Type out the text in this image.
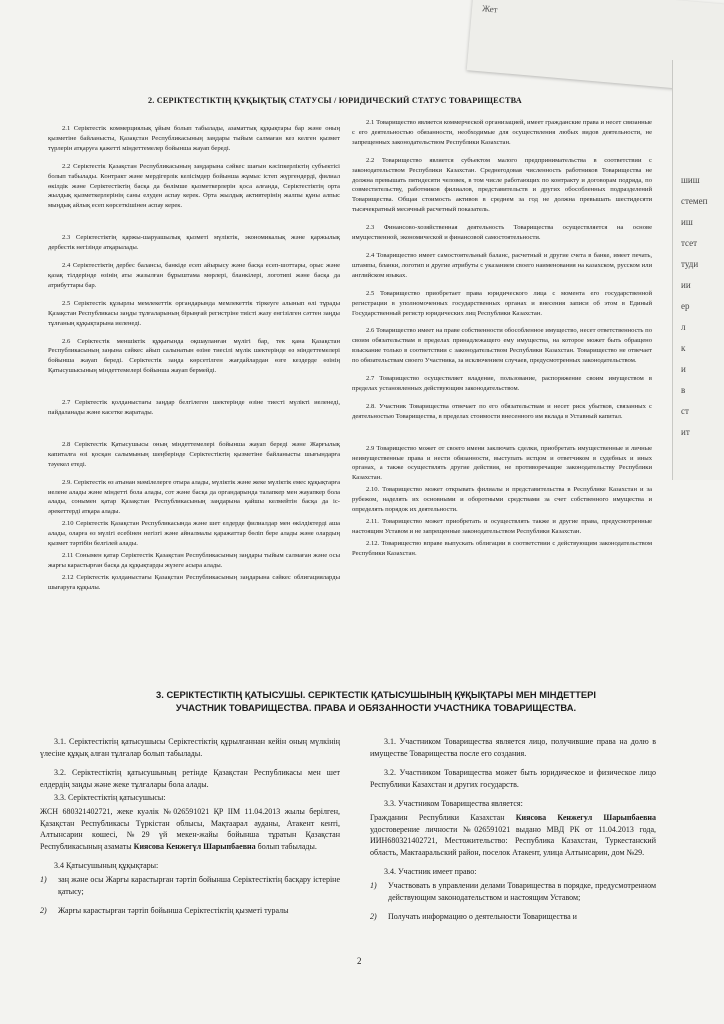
Жет
шиш
стемеп
иш
тсет
туди
ии
ер
л
к
и
в
ст
ит
2. СЕРІКТЕСТІКТІҢ ҚҰҚЫҚТЫҚ СТАТУСЫ / ЮРИДИЧЕСКИЙ СТАТУС ТОВАРИЩЕСТВА

2.1 Серіктестік коммерциялық ұйым болып табылады, азаматтық құқықтары бар және оның қызметіне байланысты, Қазақстан Республикасының заңдары тыйым салмаған кез келген қызмет түрлерін атқаруға қажетті міндеттемелер бойынша жауап береді.

2.2 Серіктестік Қазақстан Республикасының заңдарына сәйкес шағын кәсіпкерліктің субъектісі болып табылады. Контракт және мердігерлік келісімдер бойынша жұмыс істеп жүргендерді, филиал өкілдік және Серіктестіктің басқа да бөлімше қызметкерлерін қоса алғанда, Серіктестіктің орта жылдық қызметкерлерінің саны елуден аспау керек. Орта жылдық активтерінің жалпы құны алпыс мыңдық айлық есеп көрсеткішінен аспау керек.

2.3 Серіктестіктің қаржы-шаруашылық қызметі мүліктік, экономикалық және қаржылық дербестік негізінде атқарылады.

2.4 Серіктестіктің дербес балансы, банкіде есеп айырысу және басқа есеп-шоттары, орыс және қазақ тілдерінде өзінің аты жазылған бұрыштама мөрлері, бланкілері, логотипі және басқа да атрибуттары бар.

2.5 Серіктестік құзырлы мемлекеттік органдарында мемлекеттік тіркеуге алынып өлі тұрады Қазақстан Республикасы заңды тұлғаларының бірыңғай регистріне тиісті жазу енгізілген сәттен заңды тұлғаның құқықтарына иеленеді.

2.6 Серіктестік меншіктік құқығында оқшауланған мүлігі бар, тек қана Қазақстан Республикасының заңына сәйкес айып салынатын өзіне тиесілі мүлік шектерінде өз міндеттемелері бойынша жауап береді. Серіктестік заңда көрсетілген жағдайлардан өзге кездерде өзінің Қатысушысының міндеттемелері бойынша жауап бермейді.

2.7 Серіктестік қолданыстағы заңдар белгілеген шектерінде өзіне тиесті мүлікті иеленеді, пайдаланады және касетке жаратады.

2.8 Серіктестік Қатысушысы оның міндеттемелері бойынша жауап береді және Жарғылық капиталға өзі қосқан салымының шеңберінде Серіктестіктің қызметіне байланысты шығындарға тәуекел етеді.

2.9. Серіктестік өз атынан мәмілелерге отыра алады, мүліктік және жеке мүліктік емес құқықтарға иелене алады және міндетті бола алады, сот және басқа да органдарында талапкер мен жауапкер бола алады, сонымен қатар Қазақстан Республикасының заңдарына қайшы келмейтін басқа да іс-әрекеттерді атқара алады.

2.10 Серіктестік Қазақстан Республикасында және шет елдерде филиалдар мен өкілдіктерді аша алады, оларға өз мүлігі есебінен негізгі және айналмалы қаражаттар бөліп бере алады және олардың қызмет тәртібін белгілей алады.

2.11 Сонымен қатар Серіктестік Қазақстан Республикасының заңдары тыйым салмаған және осы жарғы карастырған басқа да құқықтарды жүзеге асыра алады.

2.12 Серіктестік қолданыстағы Қазақстан Республикасының заңдарына сәйкес облигацияларды шығаруға құқылы.

2.1 Товарищество является коммерческой организацией, имеет гражданские права и несет связанные с его деятельностью обязанности, необходимые для осуществления любых видов деятельности, не запрещенных законодательством Республики Казахстан.

2.2 Товарищество является субъектом малого предпринимательства в соответствии с законодательством Республики Казахстан. Среднегодовая численность работников Товарищества не должна превышать пятидесяти человек, в том числе работающих по контракту и договорам подряда, по совместительству, работников филиалов, представительств и других обособленных подразделений Товарищества. Общая стоимость активов в среднем за год не должна превышать шестидесяти тысячекратный месячный расчетный показатель.

2.3 Финансово-хозяйственная деятельность Товарищества осуществляется на основе имущественной, экономической и финансовой самостоятельности.

2.4 Товарищество имеет самостоятельный баланс, расчетный и другие счета в банке, имеет печать, штампы, бланки, логотип и другие атрибуты с указанием своего наименования на казахском, русском или английском языках.

2.5 Товарищество приобретает права юридического лица с момента его государственной регистрации в уполномоченных государственных органах и внесения записи об этом в Единый Государственный регистр юридических лиц Республики Казахстан.

2.6 Товарищество имеет на праве собственности обособленное имущество, несет ответственность по своим обязательствам в пределах принадлежащего ему имущества, на которое может быть обращено взыскание только в соответствии с законодательством Республики Казахстан. Товарищество не отвечает по обязательствам своего Участника, за исключением случаев, предусмотренных законодательством.

2.7 Товарищество осуществляет владение, пользование, распоряжение своим имуществом в пределах установленных действующим законодательством.

2.8. Участник Товарищества отвечает по его обязательствам и несет риск убытков, связанных с деятельностью Товарищества, в пределах стоимости внесенного им вклада в Уставный капитал.

2.9 Товарищество может от своего имени заключать сделки, приобретать имущественные и личные неимущественные права и нести обязанности, выступать истцом и ответчиком в судебных и иных органах, а также осуществлять другие действия, не противоречащие законодательству Республики Казахстан.

2.10. Товарищество может открывать филиалы и представительства в Республике Казахстан и за рубежом, наделять их основными и оборотными средствами за счет собственного имущества и определять порядок их деятельности.

2.11. Товарищество может приобретать и осуществлять также и другие права, предусмотренные настоящим Уставом и не запрещенные законодательством Республики Казахстан.

2.12. Товарищество вправе выпускать облигации в соответствии с действующим законодательством Республики Казахстан.

3. СЕРІКТЕСТІКТІҢ ҚАТЫСУШЫ. СЕРІКТЕСТІК ҚАТЫСУШЫНЫҢ ҚҰҚЫҚТАРЫ МЕН МІНДЕТТЕРІ
УЧАСТНИК ТОВАРИЩЕСТВА. ПРАВА И ОБЯЗАННОСТИ УЧАСТНИКА ТОВАРИЩЕСТВА.

3.1. Серіктестіктің қатысушысы Серіктестіктің құрылғаннан кейін оның мүлкінің үлесіне құқық алған тұлғалар болып табылады.

3.2. Серіктестіктің қатысушының ретінде Қазақстан Республикасы мен шет елдердің заңды және жеке тұлғалары бола алады.

3.3. Серіктестіктің қатысушысы:

ЖСН 680321402721, жеке куәлік №026591021 ҚР ІІМ 11.04.2013 жылы берілген, Қазақстан Республикасы Түркістан облысы, Мақтаарал ауданы, Атакент кенті, Алтынсарин көшесі, №29 үй мекен-жайы бойынша тұратын Қазақстан Республикасының азаматы Киясова Кенжегүл Шарыпбаевна болып табылады.

3.4 Қатысушының құқықтары:

1) заң және осы Жарғы карастырған тәртіп бойынша Серіктестіктің басқару істеріне қатысу;
2) Жарғы карастырған тәртіп бойынша Серіктестіктің қызметі туралы

3.1. Участником Товарищества является лицо, получившие права на долю в имуществе Товарищества после его создания.

3.2. Участником Товарищества может быть юридическое и физическое лицо Республики Казахстан и других государств.

3.3. Участником Товарищества является:

Гражданин Республики Казахстан Киясова Кенжегул Шарыпбаевна удостоверение личности №026591021 выдано МВД РК от 11.04.2013 года, ИИН680321402721, Местожительство: Республика Казахстан, Туркестанский область, Мактааральский район, поселок Атакент, улица Алтынсарин, дом №29.

3.4. Участник имеет право:

1) Участвовать в управлении делами Товарищества в порядке, предусмотренном действующим законодательством и настоящим Уставом;
2) Получать информацию о деятельности Товарищества и
2
